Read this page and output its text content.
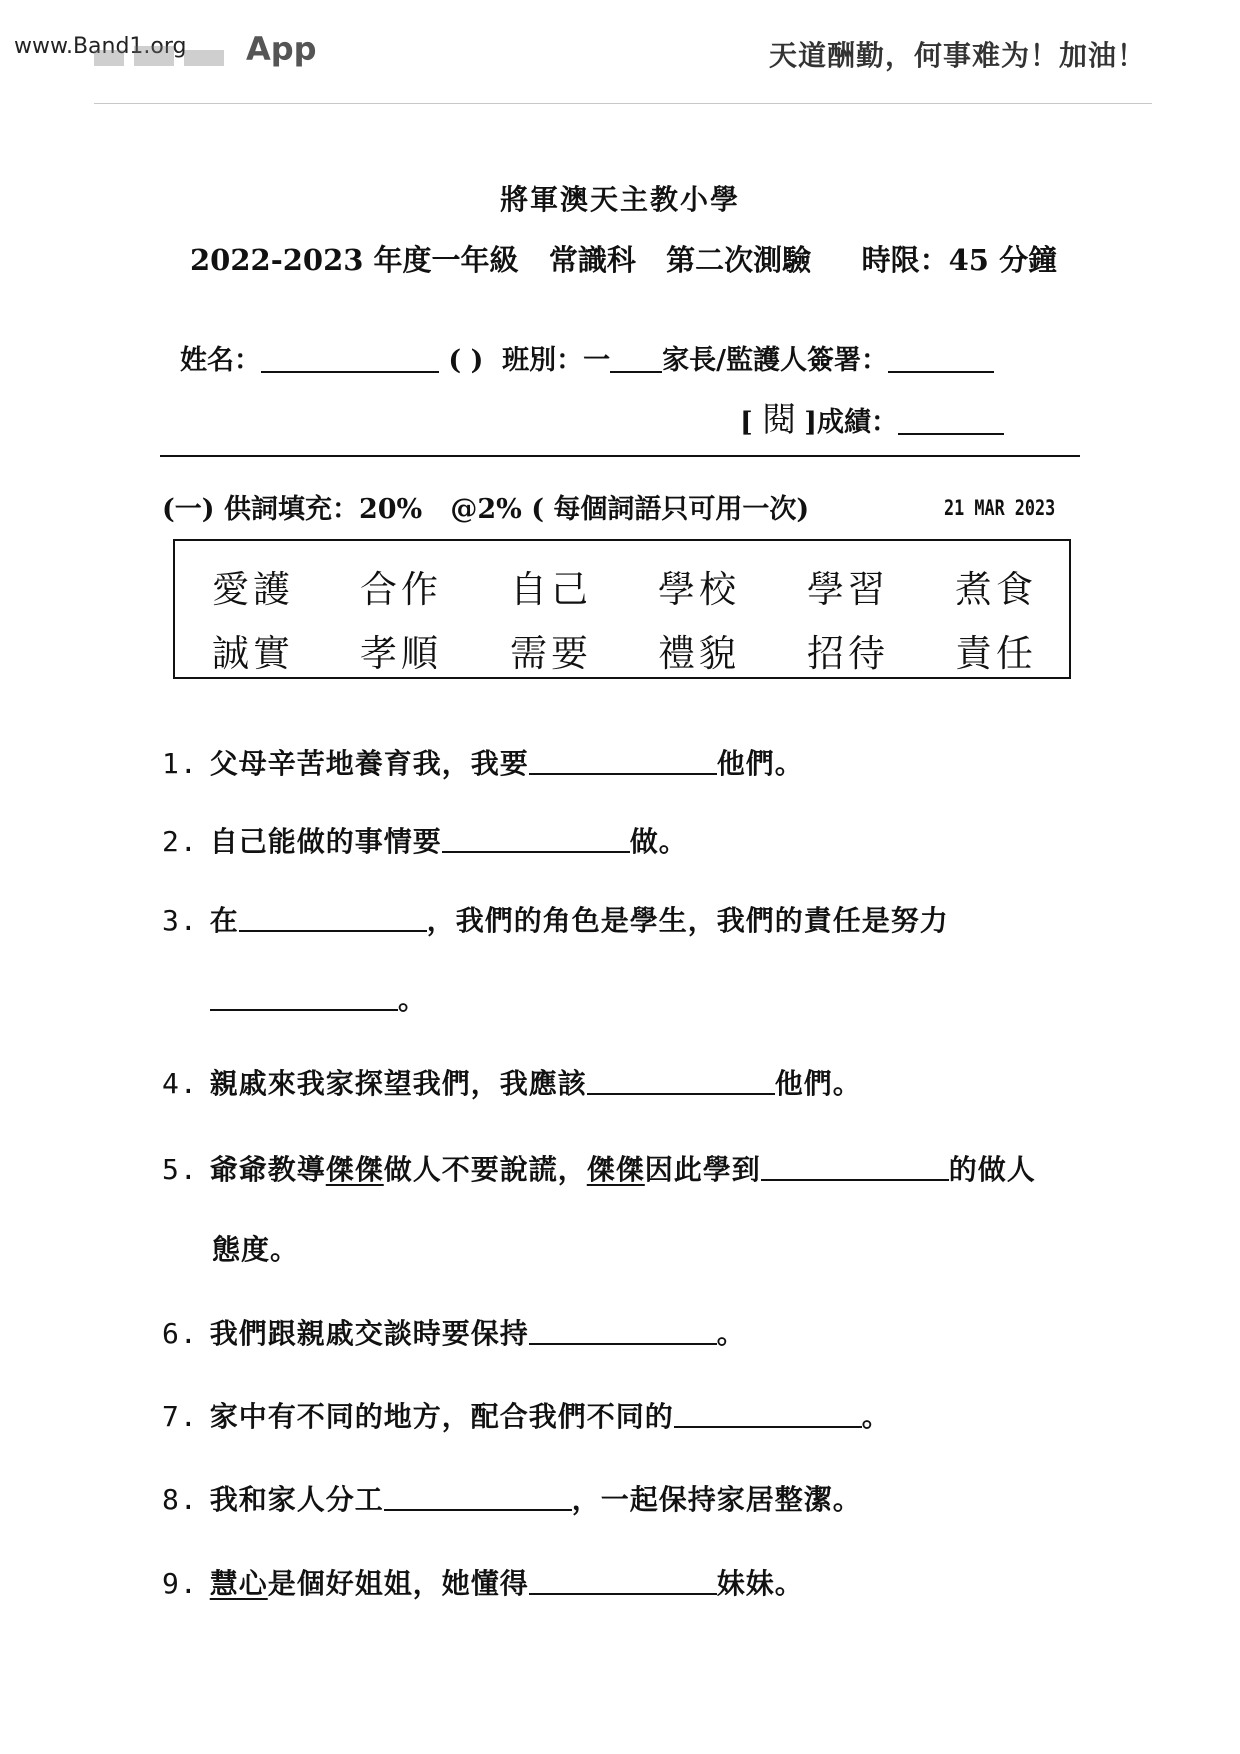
www.Band1.org App	天道酬勤，何事难为！加油！
將軍澳天主教小學
2022-2023 年度一年級   常識科   第二次測驗     時限：45 分鐘
姓名：	( ) 班別：一 家長/監護人簽署：
[ 閱]成績：
(一) 供詞填充：20%   @2% ( 每個詞語只可用一次)	21 MAR 2023
愛護 合作 自己 學校 學習 煮食
誠實 孝順 需要 禮貌 招待 責任
1. 父母辛苦地養育我，我要	他們。
2. 自己能做的事情要	做。
3. 在	，我們的角色是學生，我們的責任是努力
。
4. 親戚來我家探望我們，我應該	他們。
5. 爺爺教導傑傑做人不要說謊，傑傑因此學到	的做人
態度。
6. 我們跟親戚交談時要保持	。
7. 家中有不同的地方，配合我們不同的	。
8. 我和家人分工	，一起保持家居整潔。
9. 慧心是個好姐姐，她懂得	妹妹。
